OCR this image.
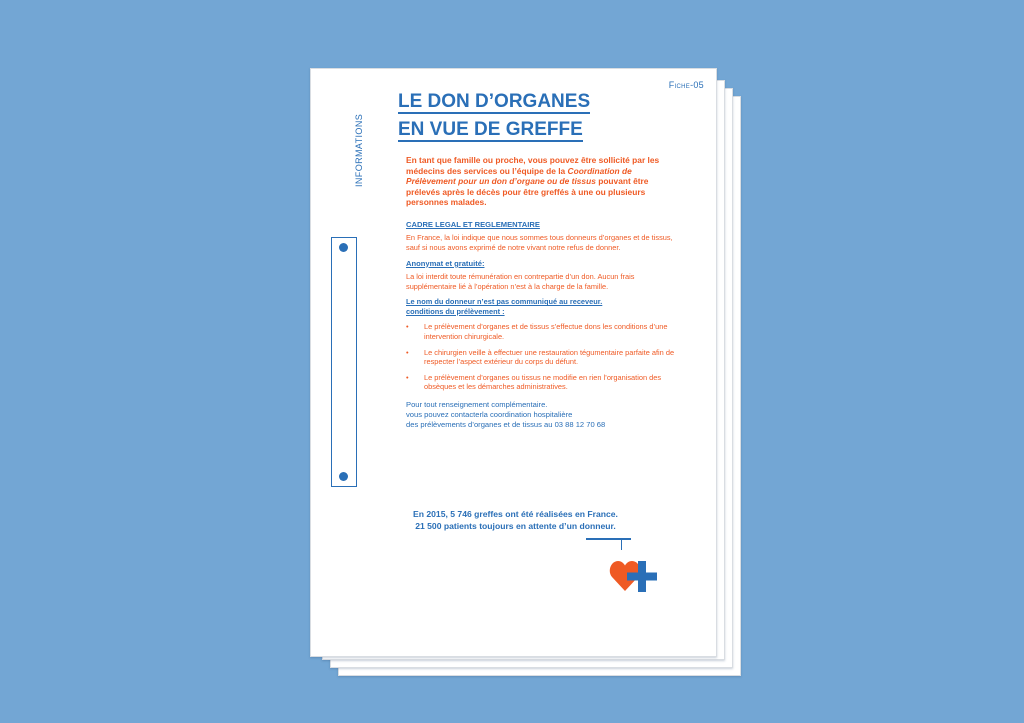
Fiche-05
INFORMATIONS
LE DON D’ORGANES
EN VUE DE GREFFE

En tant que famille ou proche, vous pouvez être sollicité par les médecins des services ou l’équipe de la Coordination de Prélèvement pour un don d’organe ou de tissus pouvant être prélevés après le décès pour être greffés à une ou plusieurs personnes malades.

CADRE LEGAL ET REGLEMENTAIRE

En France, la loi indique que nous sommes tous donneurs d’organes et de tissus, sauf si nous avons exprimé de notre vivant notre refus de donner.

Anonymat et gratuité:

La loi interdit toute rémunération en contrepartie d’un don. Aucun frais supplémentaire lié à l’opération n’est à la charge de la famille.

Le nom du donneur n’est pas communiqué au receveur.
conditions du prélèvement :

• Le prélèvement d’organes et de tissus s’effectue dons les conditions d’une intervention chirurgicale.
• Le chirurgien veille à effectuer une restauration tégumentaire parfaite afin de respecter l’aspect extérieur du corps du défunt.
• Le prélèvement d’organes ou tissus ne modifie en rien l’organisation des obsèques et les démarches administratives.
Pour tout renseignement complémentaire.
vous pouvez contacterla coordination hospitalière
des prélèvements d’organes et de tissus au 03 88 12 70 68
En 2015, 5 746 greffes ont été réalisées en France.
21 500 patients toujours en attente d’un donneur.
